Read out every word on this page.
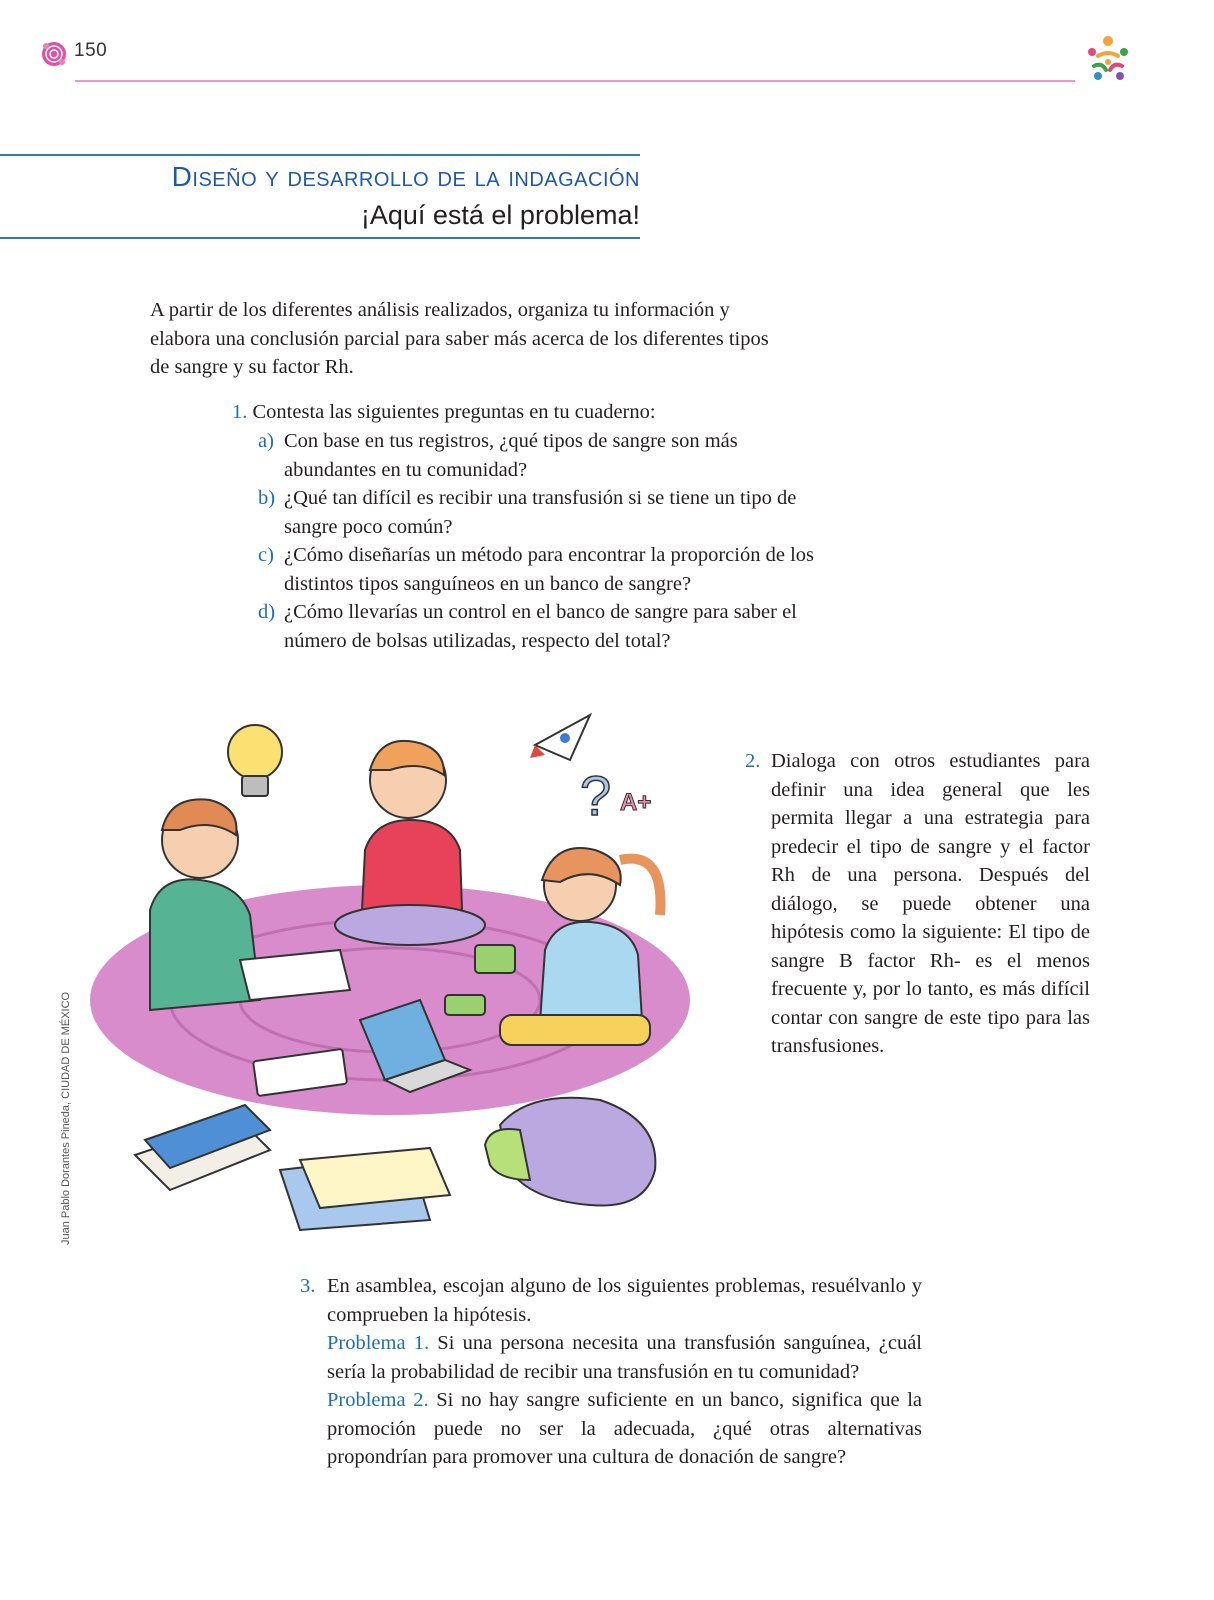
150
Diseño y desarrollo de la indagación
¡Aquí está el problema!
A partir de los diferentes análisis realizados, organiza tu información y elabora una conclusión parcial para saber más acerca de los diferentes tipos de sangre y su factor Rh.
1. Contesta las siguientes preguntas en tu cuaderno:
a) Con base en tus registros, ¿qué tipos de sangre son más abundantes en tu comunidad?
b) ¿Qué tan difícil es recibir una transfusión si se tiene un tipo de sangre poco común?
c) ¿Cómo diseñarías un método para encontrar la proporción de los distintos tipos sanguíneos en un banco de sangre?
d) ¿Cómo llevarías un control en el banco de sangre para saber el número de bolsas utilizadas, respecto del total?
? A+
Juan Pablo Dorantes Pineda, CIUDAD DE MÉXICO
2. Dialoga con otros estudiantes para definir una idea general que les permita llegar a una estrategia para predecir el tipo de sangre y el factor Rh de una persona. Después del diálogo, se puede obtener una hipótesis como la siguiente: El tipo de sangre B factor Rh- es el menos frecuente y, por lo tanto, es más difícil contar con sangre de este tipo para las transfusiones.
3. En asamblea, escojan alguno de los siguientes problemas, resuélvanlo y comprueben la hipótesis.
Problema 1. Si una persona necesita una transfusión sanguínea, ¿cuál sería la probabilidad de recibir una transfusión en tu comunidad?
Problema 2. Si no hay sangre suficiente en un banco, significa que la promoción puede no ser la adecuada, ¿qué otras alternativas propondrían para promover una cultura de donación de sangre?
